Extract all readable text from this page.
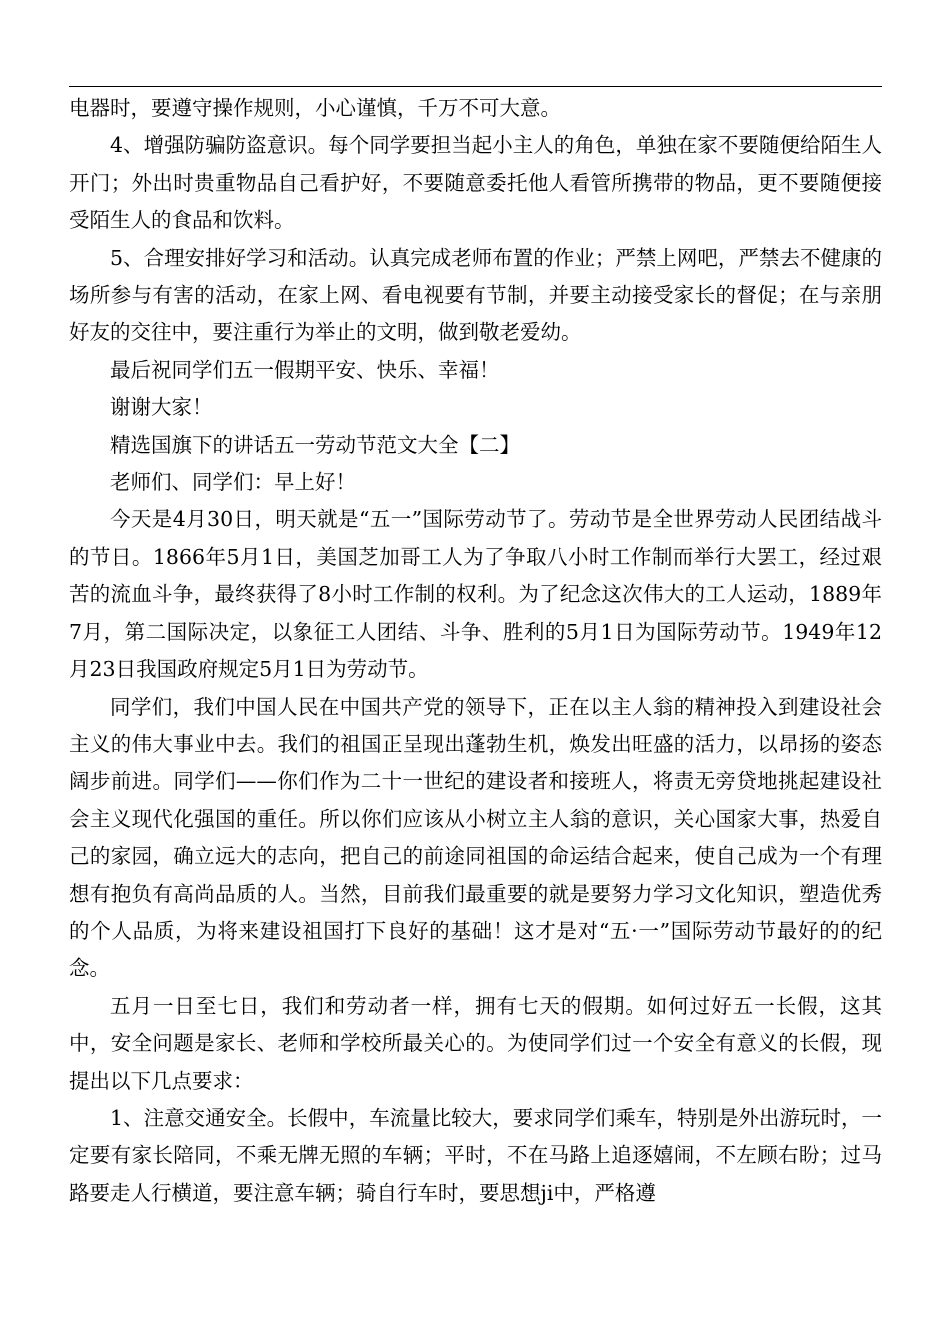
电器时，要遵守操作规则，小心谨慎，千万不可大意。

4、增强防骗防盗意识。每个同学要担当起小主人的角色，单独在家不要随便给陌生人开门；外出时贵重物品自己看护好，不要随意委托他人看管所携带的物品，更不要随便接受陌生人的食品和饮料。

5、合理安排好学习和活动。认真完成老师布置的作业；严禁上网吧，严禁去不健康的场所参与有害的活动，在家上网、看电视要有节制，并要主动接受家长的督促；在与亲朋好友的交往中，要注重行为举止的文明，做到敬老爱幼。

最后祝同学们五一假期平安、快乐、幸福！

谢谢大家！

精选国旗下的讲话五一劳动节范文大全【二】

老师们、同学们：早上好！

今天是4月30日，明天就是“五一”国际劳动节了。劳动节是全世界劳动人民团结战斗的节日。1866年5月1日，美国芝加哥工人为了争取八小时工作制而举行大罢工，经过艰苦的流血斗争，最终获得了8小时工作制的权利。为了纪念这次伟大的工人运动，1889年7月，第二国际决定，以象征工人团结、斗争、胜利的5月1日为国际劳动节。1949年12月23日我国政府规定5月1日为劳动节。

同学们，我们中国人民在中国共产党的领导下，正在以主人翁的精神投入到建设社会主义的伟大事业中去。我们的祖国正呈现出蓬勃生机，焕发出旺盛的活力，以昂扬的姿态阔步前进。同学们——你们作为二十一世纪的建设者和接班人，将责无旁贷地挑起建设社会主义现代化强国的重任。所以你们应该从小树立主人翁的意识，关心国家大事，热爱自己的家园，确立远大的志向，把自己的前途同祖国的命运结合起来，使自己成为一个有理想有抱负有高尚品质的人。当然，目前我们最重要的就是要努力学习文化知识，塑造优秀的个人品质，为将来建设祖国打下良好的基础！这才是对“五·一”国际劳动节最好的的纪念。

五月一日至七日，我们和劳动者一样，拥有七天的假期。如何过好五一长假，这其中，安全问题是家长、老师和学校所最关心的。为使同学们过一个安全有意义的长假，现提出以下几点要求：

1、注意交通安全。长假中，车流量比较大，要求同学们乘车，特别是外出游玩时，一定要有家长陪同，不乘无牌无照的车辆；平时，不在马路上追逐嬉闹，不左顾右盼；过马路要走人行横道，要注意车辆；骑自行车时，要思想ji中，严格遵
